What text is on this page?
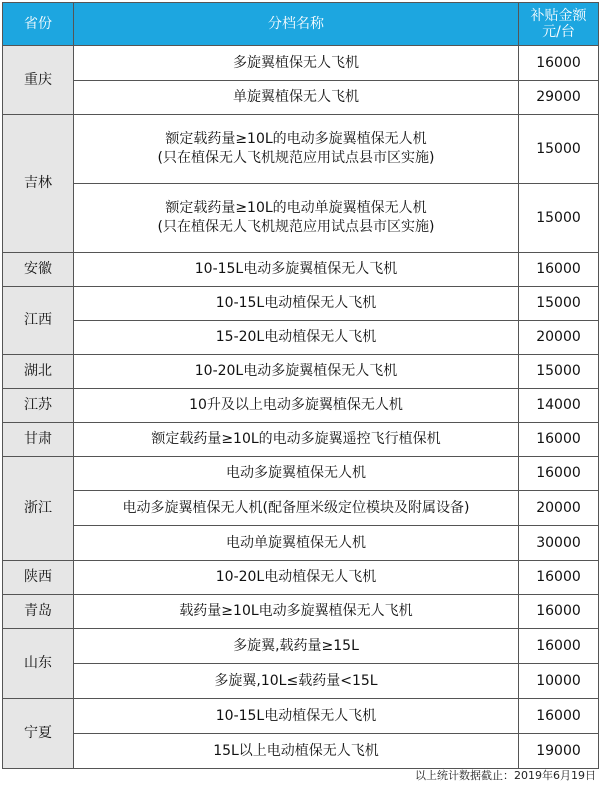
省份	分档名称	补贴金额
元/台

重庆	多旋翼植保无人飞机	16000

	单旋翼植保无人飞机	29000
吉林	额定载药量≥10L的电动多旋翼植保无人机
(只在植保无人飞机规范应用试点县市区实施)	15000

	额定载药量≥10L的电动单旋翼植保无人机
(只在植保无人飞机规范应用试点县市区实施)	15000
安徽	10-15L电动多旋翼植保无人飞机	16000
江西	10-15L电动植保无人飞机	15000

	15-20L电动植保无人飞机	20000
湖北	10-20L电动多旋翼植保无人飞机	15000
江苏	10升及以上电动多旋翼植保无人机	14000
甘肃	额定载药量≥10L的电动多旋翼遥控飞行植保机	16000
浙江	电动多旋翼植保无人机	16000

	电动多旋翼植保无人机(配备厘米级定位模块及附属设备)	20000

	电动单旋翼植保无人机	30000
陕西	10-20L电动植保无人飞机	16000
青岛	载药量≥10L电动多旋翼植保无人飞机	16000
山东	多旋翼,载药量≥15L	16000

	多旋翼,10L≤载药量<15L	10000
宁夏	10-15L电动植保无人飞机	16000

	15L以上电动植保无人飞机	19000
以上统计数据截止：2019年6月19日
